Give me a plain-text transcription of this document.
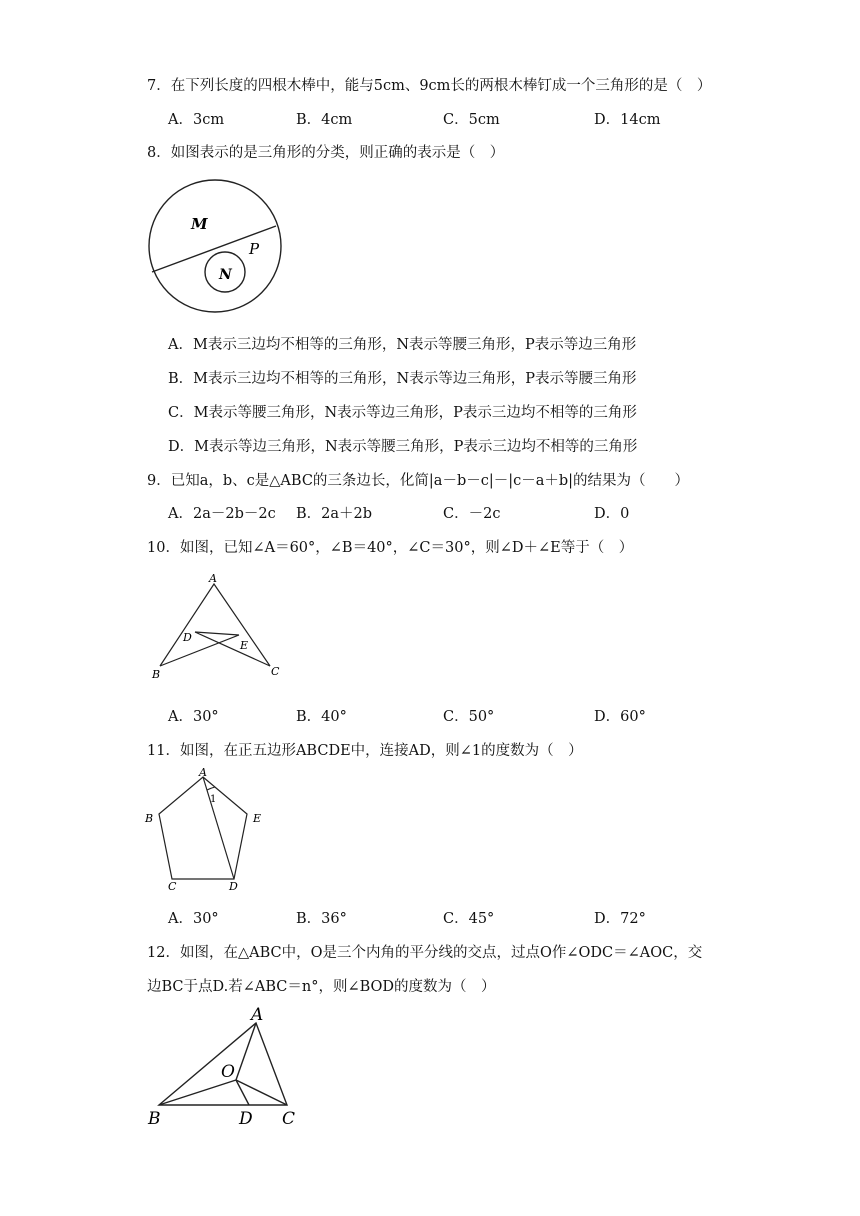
7．在下列长度的四根木棒中，能与5cm、9cm长的两根木棒钉成一个三角形的是（　）
A．3cm	B．4cm	C．5cm	D．14cm
8．如图表示的是三角形的分类，则正确的表示是（　）
M
P
N
A．M表示三边均不相等的三角形，N表示等腰三角形，P表示等边三角形
B．M表示三边均不相等的三角形，N表示等边三角形，P表示等腰三角形
C．M表示等腰三角形，N表示等边三角形，P表示三边均不相等的三角形
D．M表示等边三角形，N表示等腰三角形，P表示三边均不相等的三角形
9．已知a，b、c是△ABC的三条边长，化简|a－b－c|－|c－a＋b|的结果为（　　）
A．2a－2b－2c B．2a＋2b	C．－2c	D．0
10．如图，已知∠A＝60°，∠B＝40°，∠C＝30°，则∠D＋∠E等于（　）
A
B	C
D
E
A．30°	B．40°	C．50°	D．60°
11．如图，在正五边形ABCDE中，连接AD，则∠1的度数为（　）
A
B
C	D
E
1
A．30°	B．36°	C．45°	D．72°
12．如图，在△ABC中，O是三个内角的平分线的交点，过点O作∠ODC＝∠AOC，交
边BC于点D.若∠ABC＝n°，则∠BOD的度数为（　）
A
B	D C
O
